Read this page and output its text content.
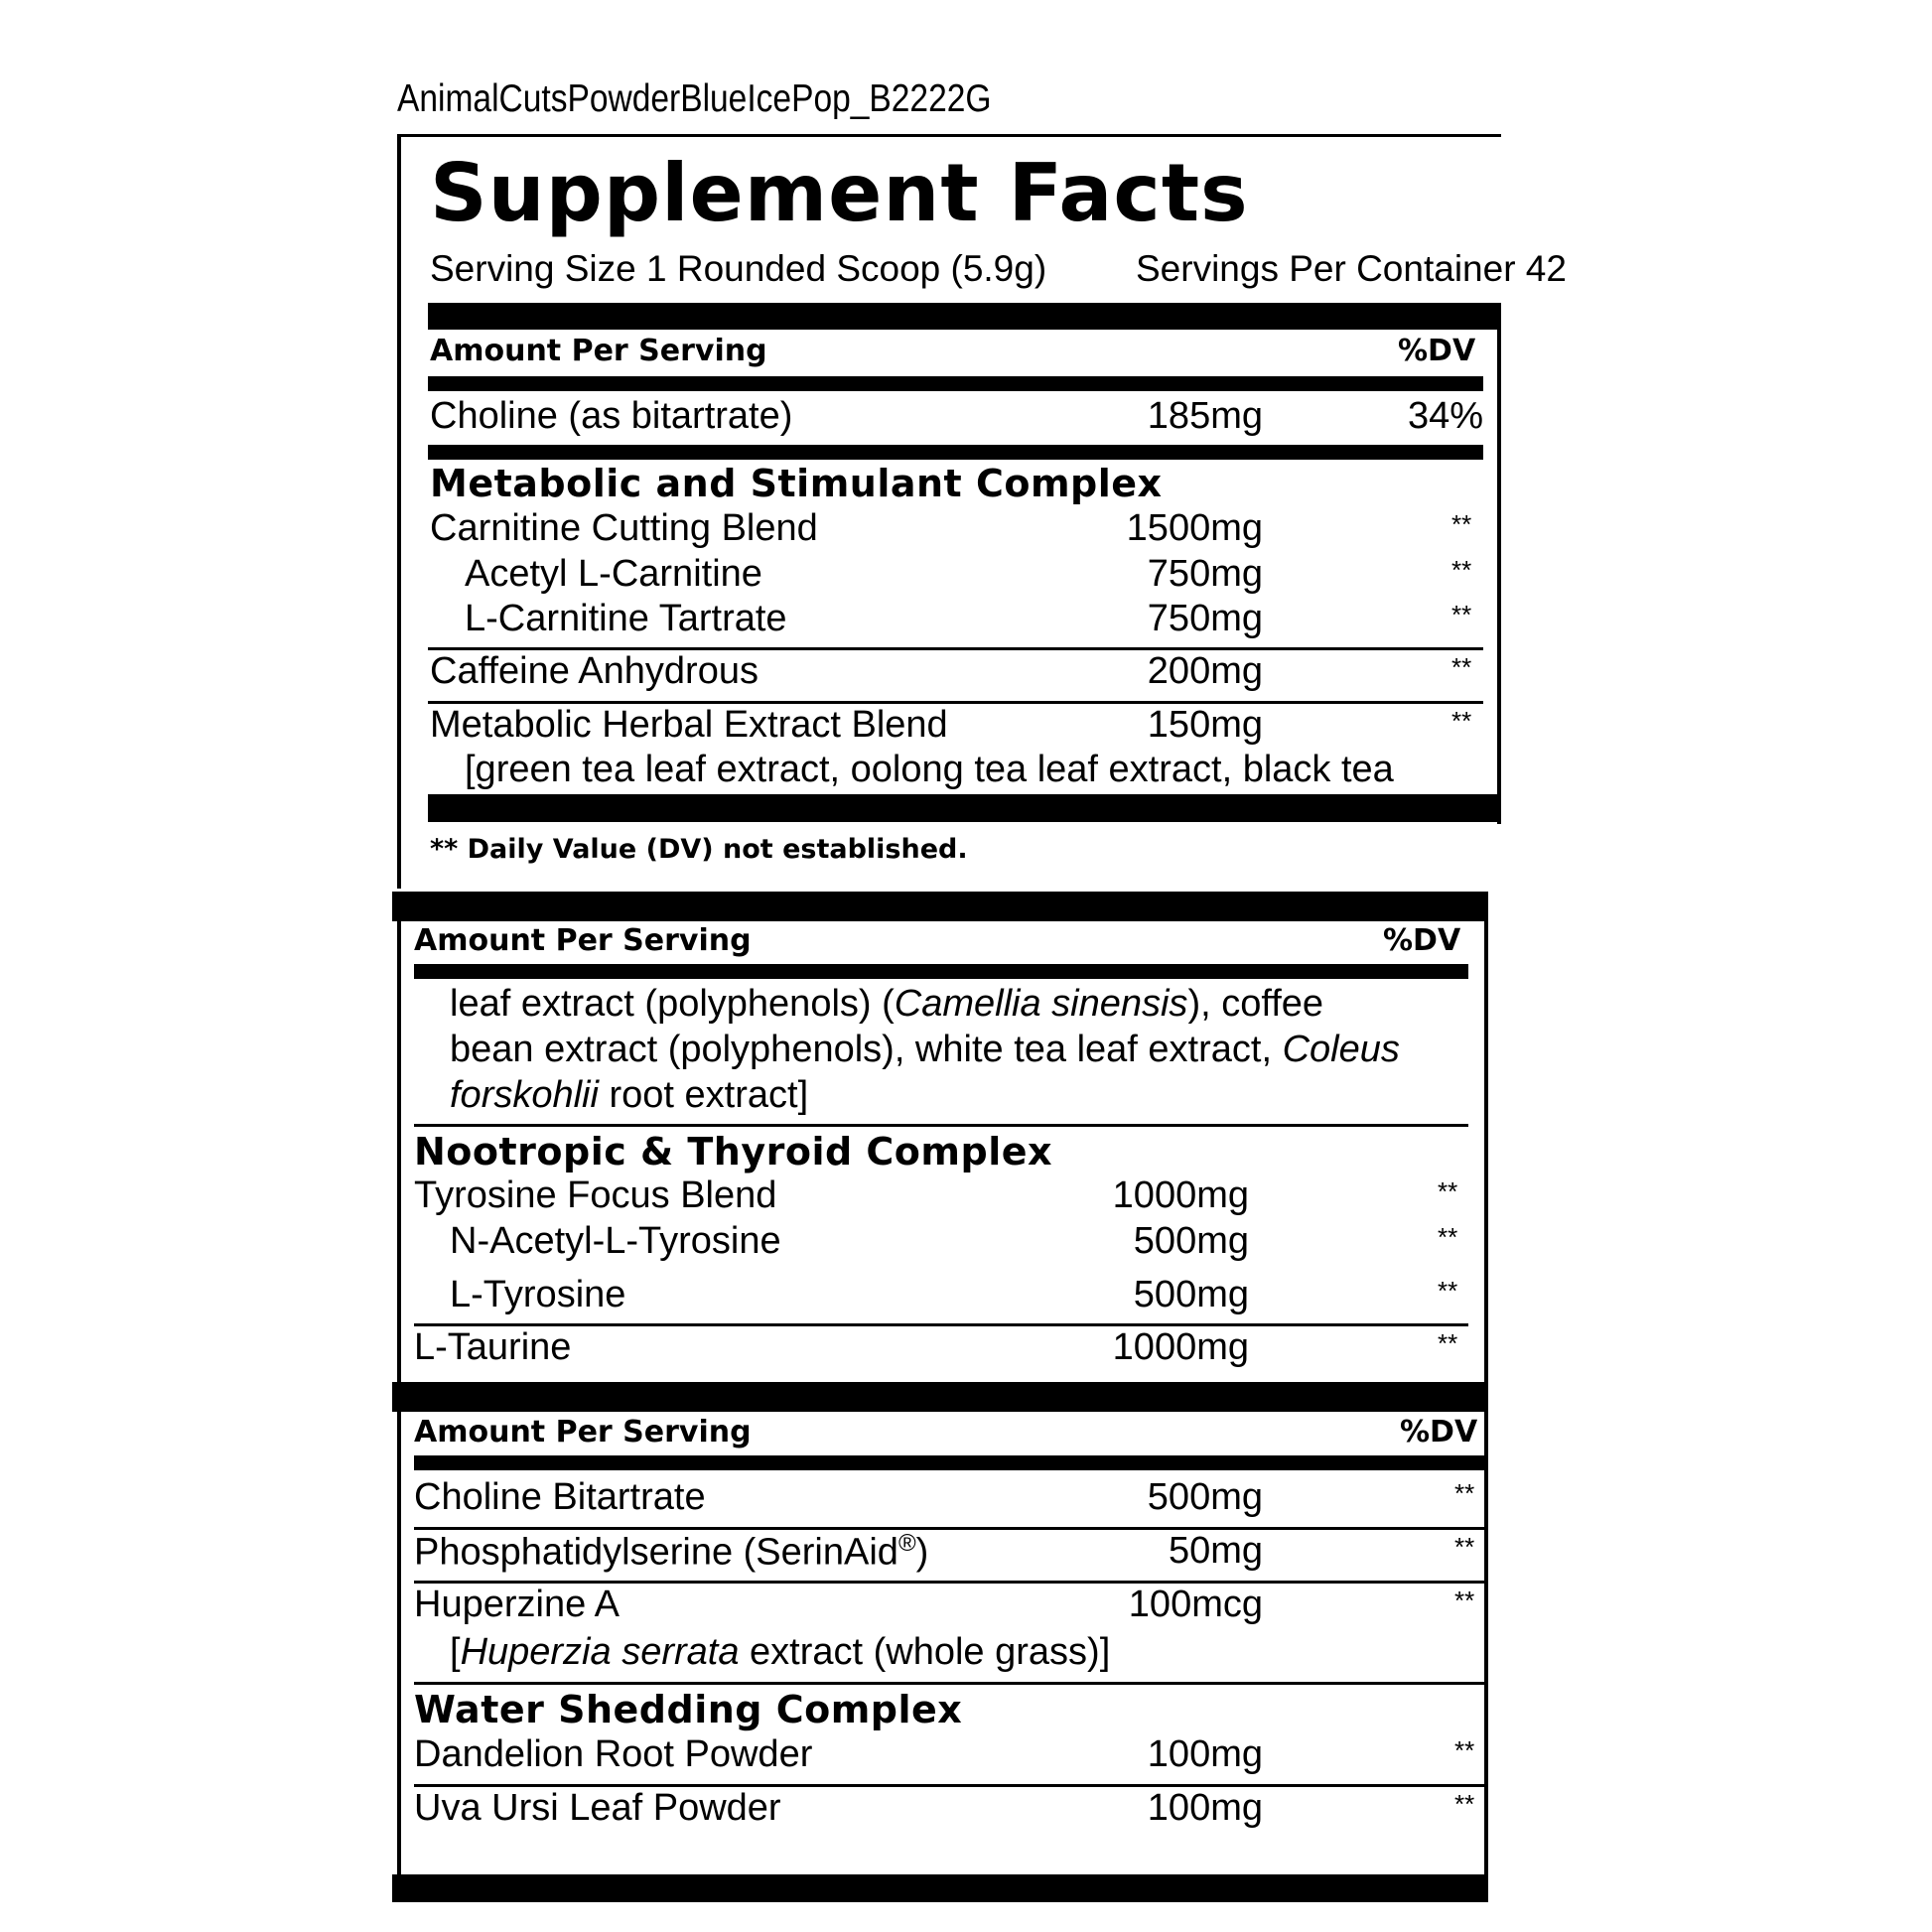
AnimalCutsPowderBlueIcePop_B2222G
Supplement Facts
Serving Size 1 Rounded Scoop (5.9g) Servings Per Container 42
Amount Per Serving	%DV
Choline (as bitartrate)	185mg	34%
Metabolic and Stimulant Complex
Carnitine Cutting Blend	1500mg	**
Acetyl L-Carnitine	750mg	**
L-Carnitine Tartrate	750mg	**
Caffeine Anhydrous	200mg	**
Metabolic Herbal Extract Blend	150mg	**
[green tea leaf extract, oolong tea leaf extract, black tea
** Daily Value (DV) not established.
Amount Per Serving	%DV
leaf extract (polyphenols) (Camellia sinensis), coffee
bean extract (polyphenols), white tea leaf extract, Coleus
forskohlii root extract]
Nootropic & Thyroid Complex
Tyrosine Focus Blend	1000mg	**
N-Acetyl-L-Tyrosine	500mg	**
L-Tyrosine	500mg	**
L-Taurine	1000mg	**
Amount Per Serving	%DV
Choline Bitartrate	500mg	**
Phosphatidylserine (SerinAid®)	50mg	**
Huperzine A	100mcg	**
[Huperzia serrata extract (whole grass)]
Water Shedding Complex
Dandelion Root Powder	100mg	**
Uva Ursi Leaf Powder	100mg	**
